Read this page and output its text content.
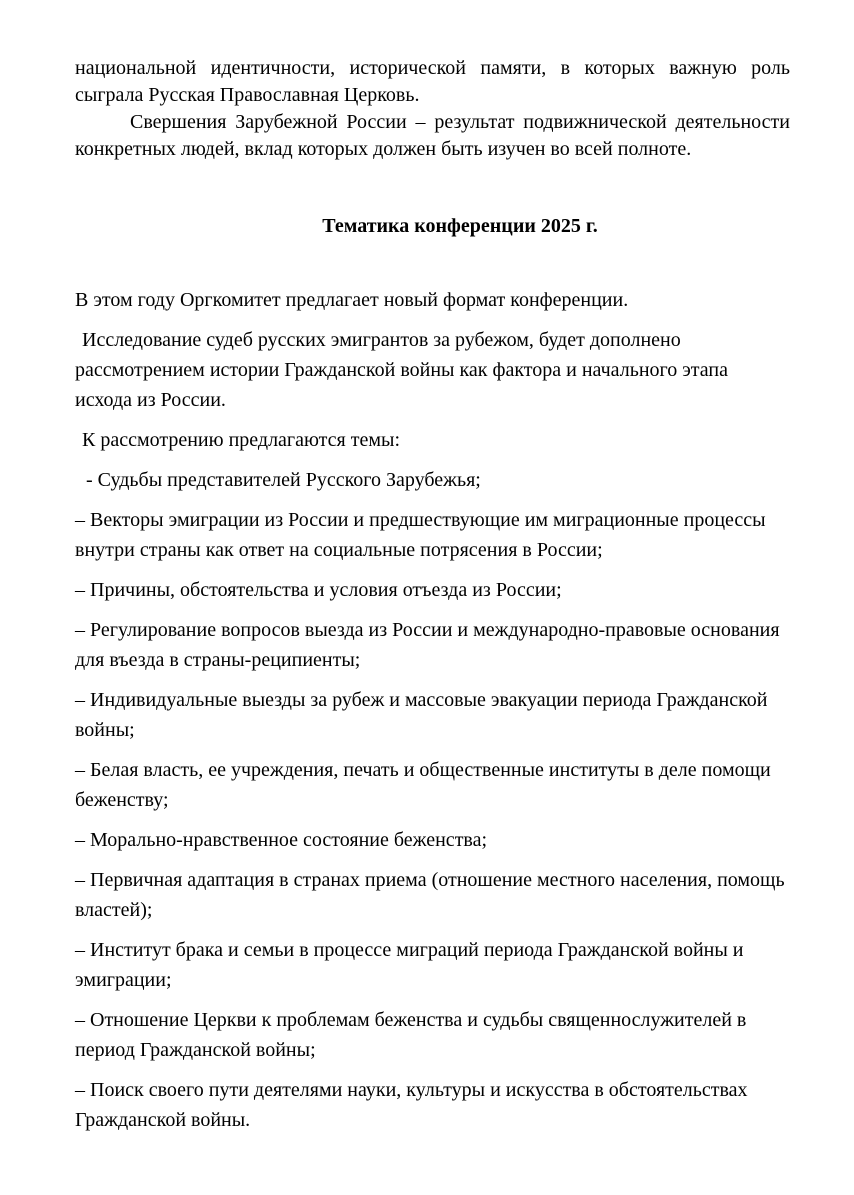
национальной идентичности, исторической памяти, в которых важную роль сыграла Русская Православная Церковь.

Свершения Зарубежной России – результат подвижнической деятельности конкретных людей, вклад которых должен быть изучен во всей полноте.

Тематика конференции 2025 г.

В этом году Оргкомитет предлагает новый формат конференции.

Исследование судеб русских эмигрантов за рубежом, будет дополнено рассмотрением истории Гражданской войны как фактора и начального этапа исхода из России.

К рассмотрению предлагаются темы:

- Судьбы представителей Русского Зарубежья;

– Векторы эмиграции из России и предшествующие им миграционные процессы внутри страны как ответ на социальные потрясения в России;

– Причины, обстоятельства и условия отъезда из России;

– Регулирование вопросов выезда из России и международно-правовые основания для въезда в страны-реципиенты;

– Индивидуальные выезды за рубеж и массовые эвакуации периода Гражданской войны;

– Белая власть, ее учреждения, печать и общественные институты в деле помощи беженству;

– Морально-нравственное состояние беженства;

– Первичная адаптация в странах приема (отношение местного населения, помощь властей);

– Институт брака и семьи в процессе миграций периода Гражданской войны и эмиграции;

– Отношение Церкви к проблемам беженства и судьбы священнослужителей в период Гражданской войны;

– Поиск своего пути деятелями науки, культуры и искусства в обстоятельствах Гражданской войны.
